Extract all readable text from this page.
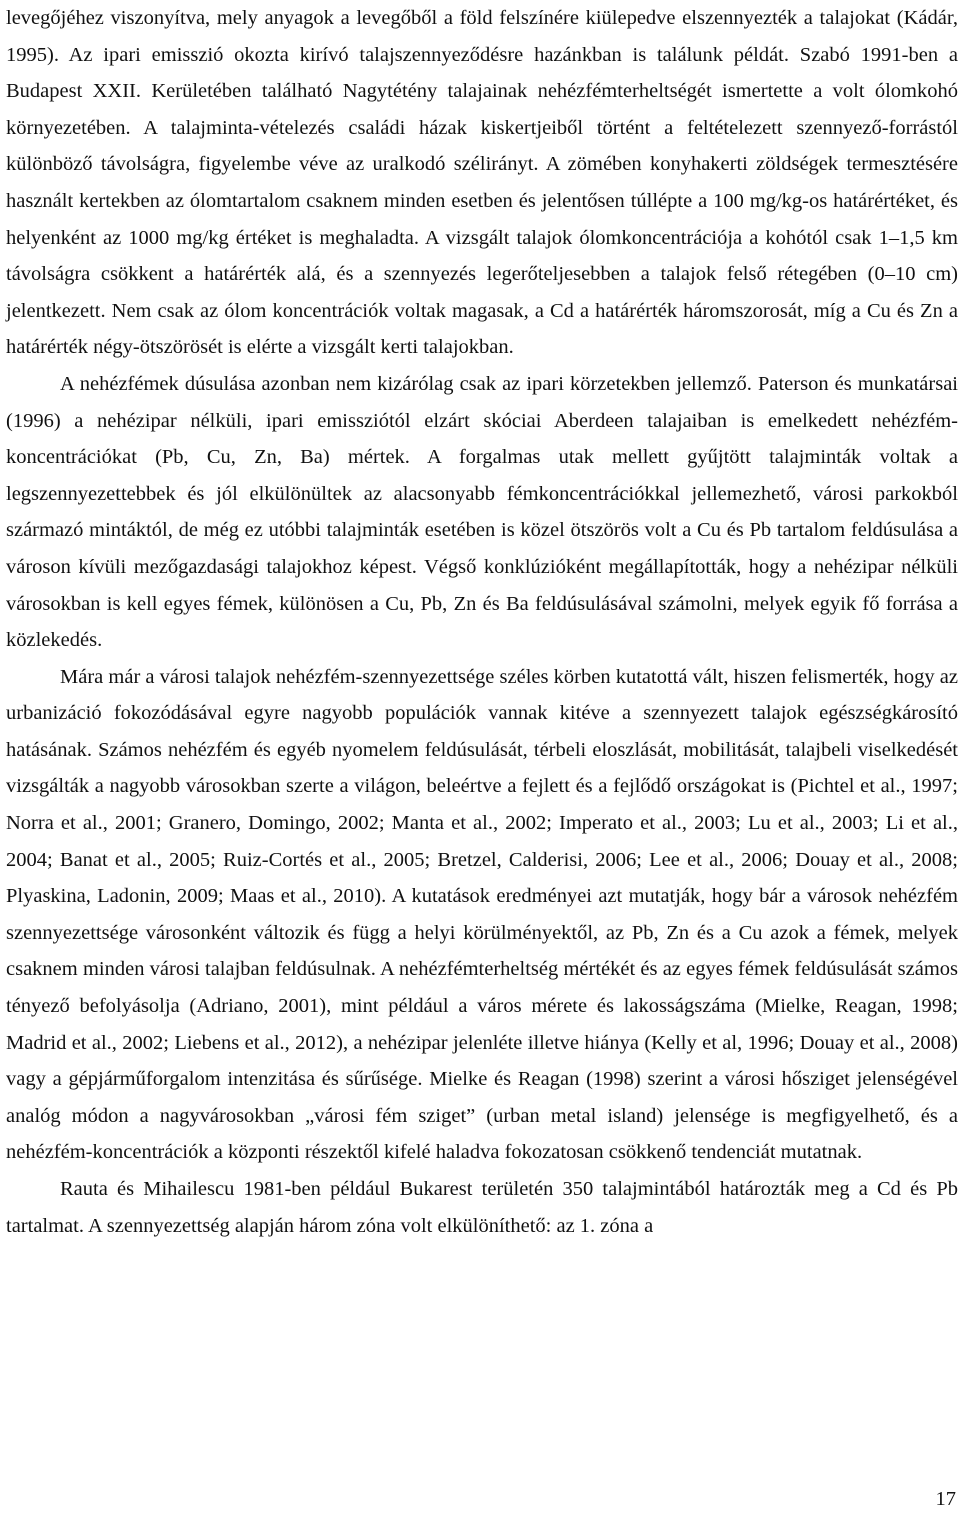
levegőjéhez viszonyítva, mely anyagok a levegőből a föld felszínére kiülepedve elszennyezték a talajokat (Kádár, 1995). Az ipari emisszió okozta kirívó talajszennyeződésre hazánkban is találunk példát. Szabó 1991-ben a Budapest XXII. Kerületében található Nagytétény talajainak nehézfémterheltségét ismertette a volt ólomkohó környezetében. A talajminta-vételezés családi házak kiskertjeiből történt a feltételezett szennyező-forrástól különböző távolságra, figyelembe véve az uralkodó szélirányt. A zömében konyhakerti zöldségek termesztésére használt kertekben az ólomtartalom csaknem minden esetben és jelentősen túllépte a 100 mg/kg-os határértéket, és helyenként az 1000 mg/kg értéket is meghaladta. A vizsgált talajok ólomkoncentrációja a kohótól csak 1–1,5 km távolságra csökkent a határérték alá, és a szennyezés legerőteljesebben a talajok felső rétegében (0–10 cm) jelentkezett. Nem csak az ólom koncentrációk voltak magasak, a Cd a határérték háromszorosát, míg a Cu és Zn a határérték négy-ötszörösét is elérte a vizsgált kerti talajokban.

A nehézfémek dúsulása azonban nem kizárólag csak az ipari körzetekben jellemző. Paterson és munkatársai (1996) a nehézipar nélküli, ipari emissziótól elzárt skóciai Aberdeen talajaiban is emelkedett nehézfém-koncentrációkat (Pb, Cu, Zn, Ba) mértek. A forgalmas utak mellett gyűjtött talajminták voltak a legszennyezettebbek és jól elkülönültek az alacsonyabb fémkoncentrációkkal jellemezhető, városi parkokból származó mintáktól, de még ez utóbbi talajminták esetében is közel ötszörös volt a Cu és Pb tartalom feldúsulása a városon kívüli mezőgazdasági talajokhoz képest. Végső konklúzióként megállapították, hogy a nehézipar nélküli városokban is kell egyes fémek, különösen a Cu, Pb, Zn és Ba feldúsulásával számolni, melyek egyik fő forrása a közlekedés.

Mára már a városi talajok nehézfém-szennyezettsége széles körben kutatottá vált, hiszen felismerték, hogy az urbanizáció fokozódásával egyre nagyobb populációk vannak kitéve a szennyezett talajok egészségkárosító hatásának. Számos nehézfém és egyéb nyomelem feldúsulását, térbeli eloszlását, mobilitását, talajbeli viselkedését vizsgálták a nagyobb városokban szerte a világon, beleértve a fejlett és a fejlődő országokat is (Pichtel et al., 1997; Norra et al., 2001; Granero, Domingo, 2002; Manta et al., 2002; Imperato et al., 2003; Lu et al., 2003; Li et al., 2004; Banat et al., 2005; Ruiz-Cortés et al., 2005; Bretzel, Calderisi, 2006; Lee et al., 2006; Douay et al., 2008; Plyaskina, Ladonin, 2009; Maas et al., 2010). A kutatások eredményei azt mutatják, hogy bár a városok nehézfém szennyezettsége városonként változik és függ a helyi körülményektől, az Pb, Zn és a Cu azok a fémek, melyek csaknem minden városi talajban feldúsulnak. A nehézfémterheltség mértékét és az egyes fémek feldúsulását számos tényező befolyásolja (Adriano, 2001), mint például a város mérete és lakosságszáma (Mielke, Reagan, 1998; Madrid et al., 2002; Liebens et al., 2012), a nehézipar jelenléte illetve hiánya (Kelly et al, 1996; Douay et al., 2008) vagy a gépjárműforgalom intenzitása és sűrűsége. Mielke és Reagan (1998) szerint a városi hősziget jelenségével analóg módon a nagyvárosokban „városi fém sziget” (urban metal island) jelensége is megfigyelhető, és a nehézfém-koncentrációk a központi részektől kifelé haladva fokozatosan csökkenő tendenciát mutatnak.

Rauta és Mihailescu 1981-ben például Bukarest területén 350 talajmintából határozták meg a Cd és Pb tartalmat. A szennyezettség alapján három zóna volt elkülöníthető: az 1. zóna a

17
